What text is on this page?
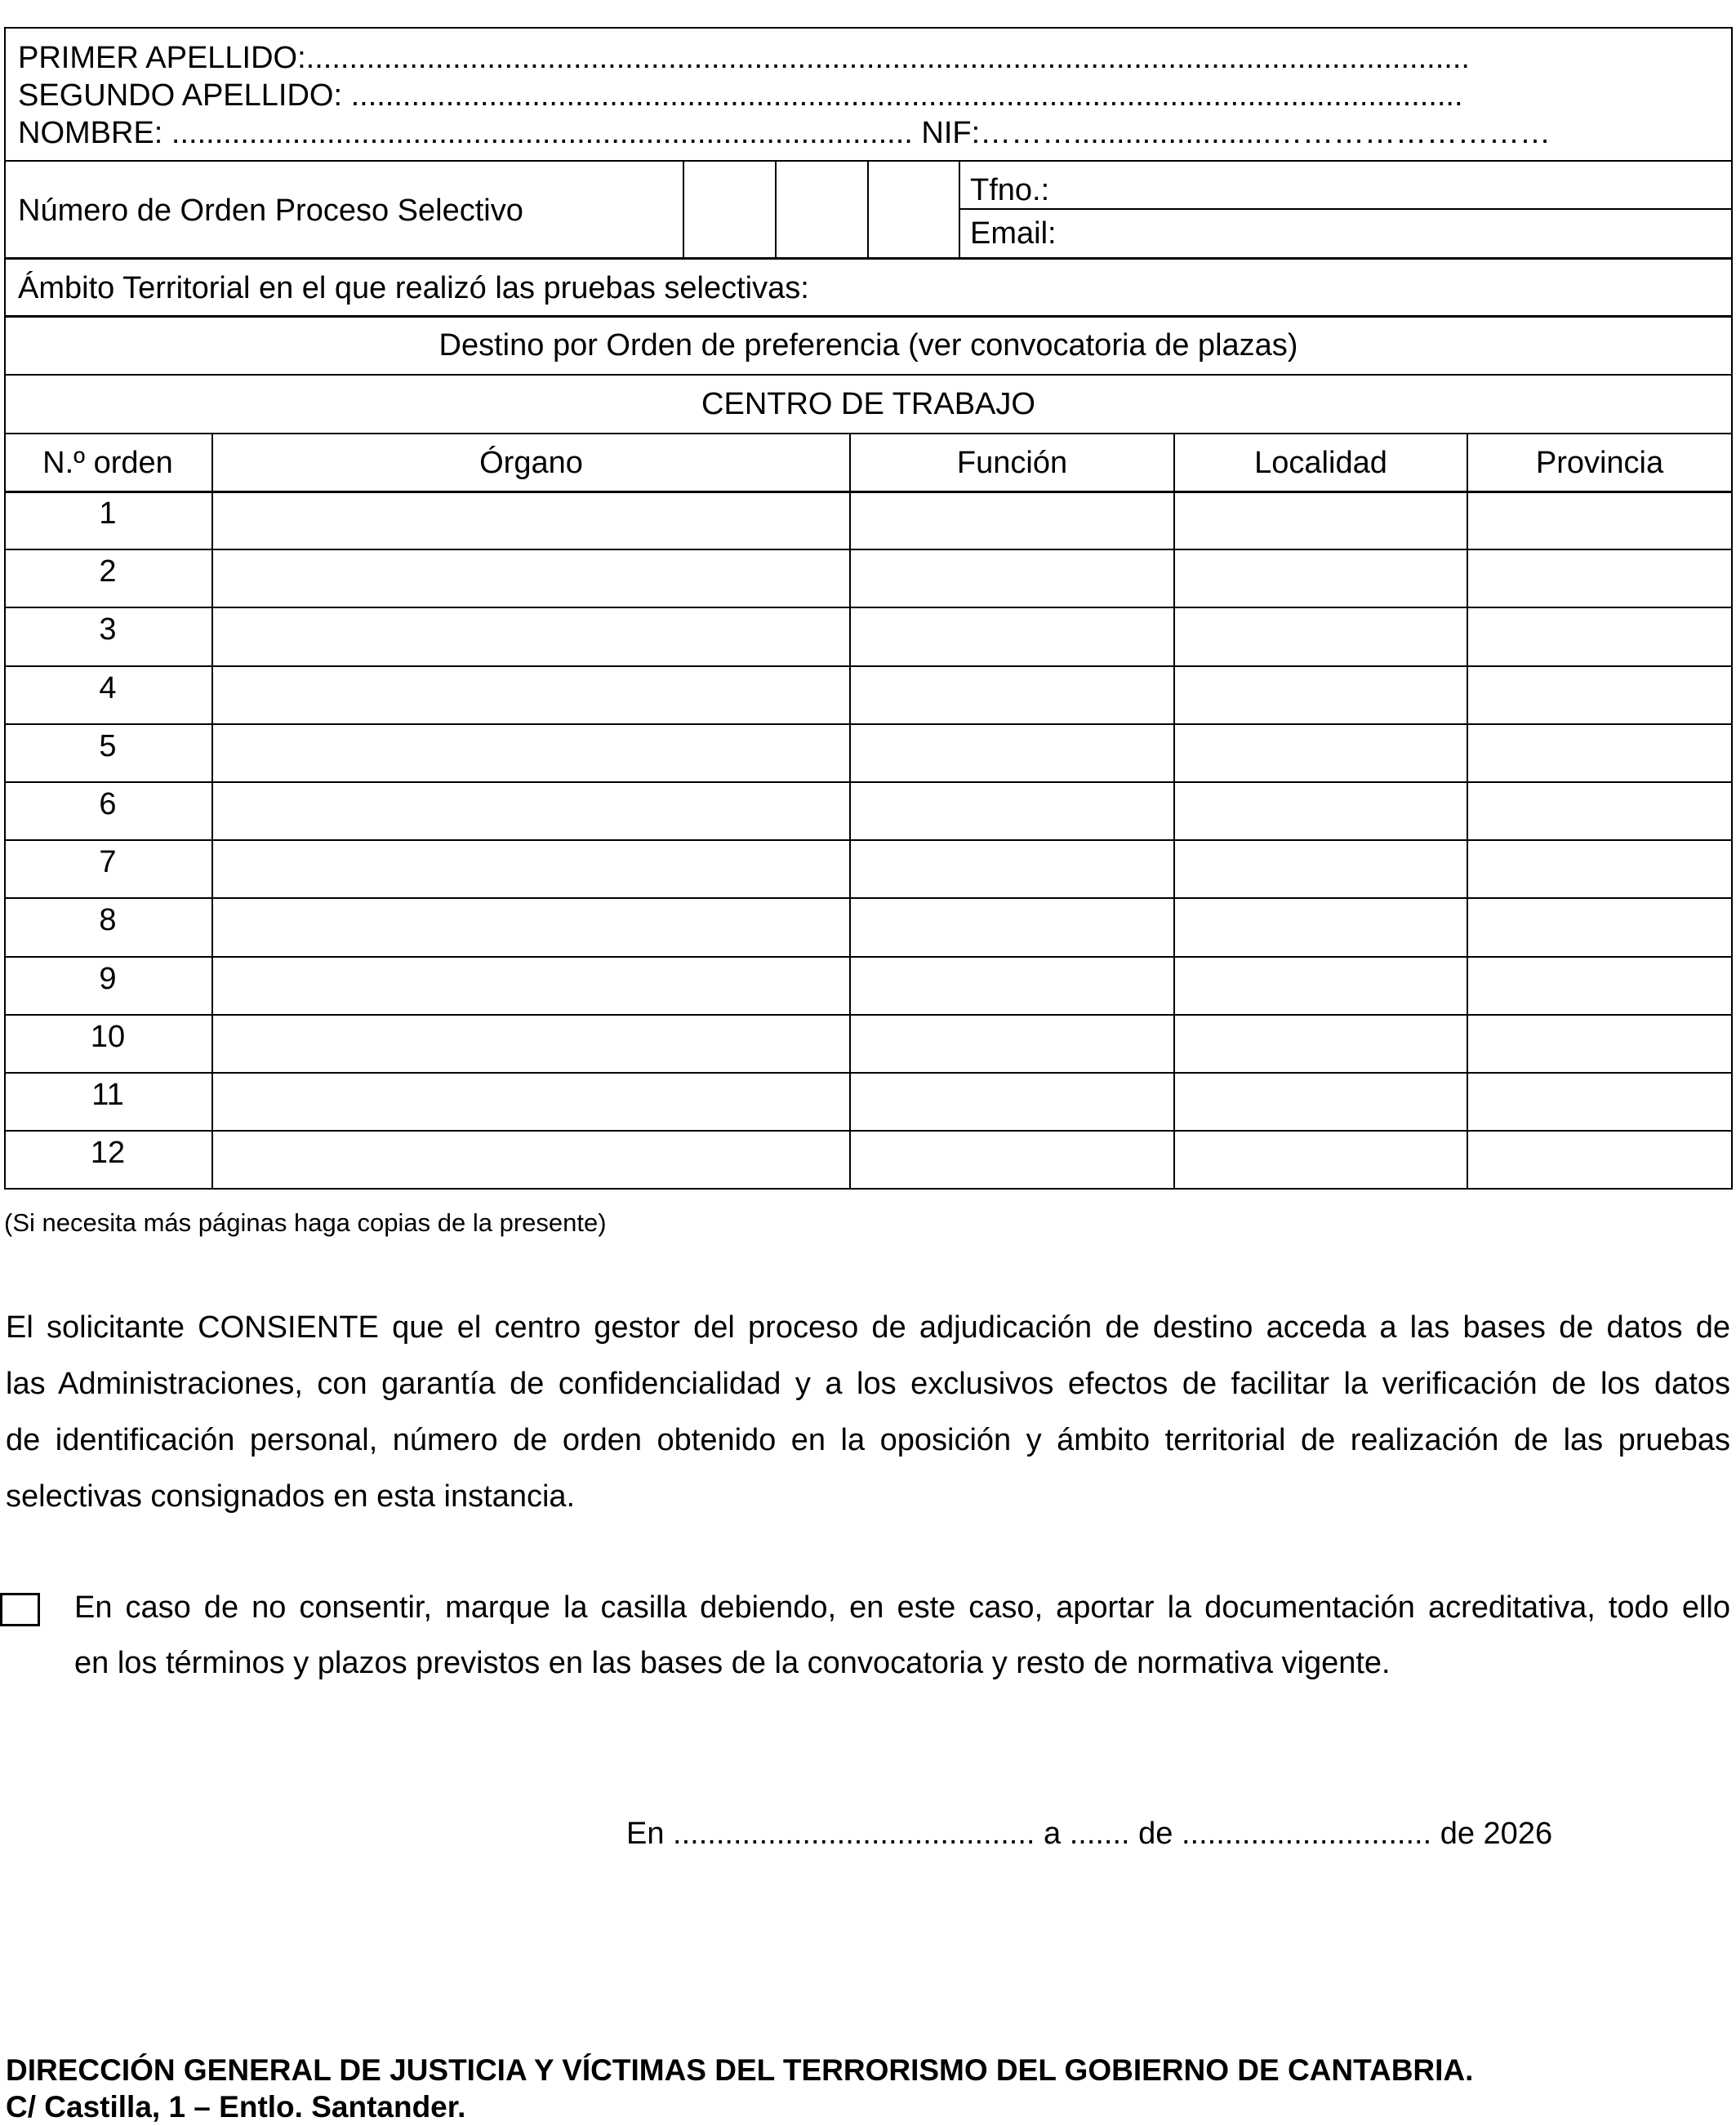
PRIMER APELLIDO:.......................................................................................................................................
SEGUNDO APELLIDO: .................................................................................................................................
NOMBRE: ...................................................................................... NIF:……….......................………………………
Número de Orden Proceso Selectivo
Tfno.:
Email:
Ámbito Territorial en el que realizó las pruebas selectivas:
Destino por Orden de preferencia (ver convocatoria de plazas)
CENTRO DE TRABAJO
N.º orden	Órgano	Función	Localidad	Provincia
1
2
3
4
5
6
7
8
9
10
11
12
(Si necesita más páginas haga copias de la presente)
El solicitante CONSIENTE que el centro gestor del proceso de adjudicación de destino acceda a las bases de datos de
las Administraciones, con garantía de confidencialidad y a los exclusivos efectos de facilitar la verificación de los datos
de identificación personal, número de orden obtenido en la oposición y ámbito territorial de realización de las pruebas
selectivas consignados en esta instancia.
En caso de no consentir, marque la casilla debiendo, en este caso, aportar la documentación acreditativa, todo ello
en los términos y plazos previstos en las bases de la convocatoria y resto de normativa vigente.
En .......................................... a ....... de ............................. de 2026
DIRECCIÓN GENERAL DE JUSTICIA Y VÍCTIMAS DEL TERRORISMO DEL GOBIERNO DE CANTABRIA.
C/ Castilla, 1 – Entlo. Santander.
